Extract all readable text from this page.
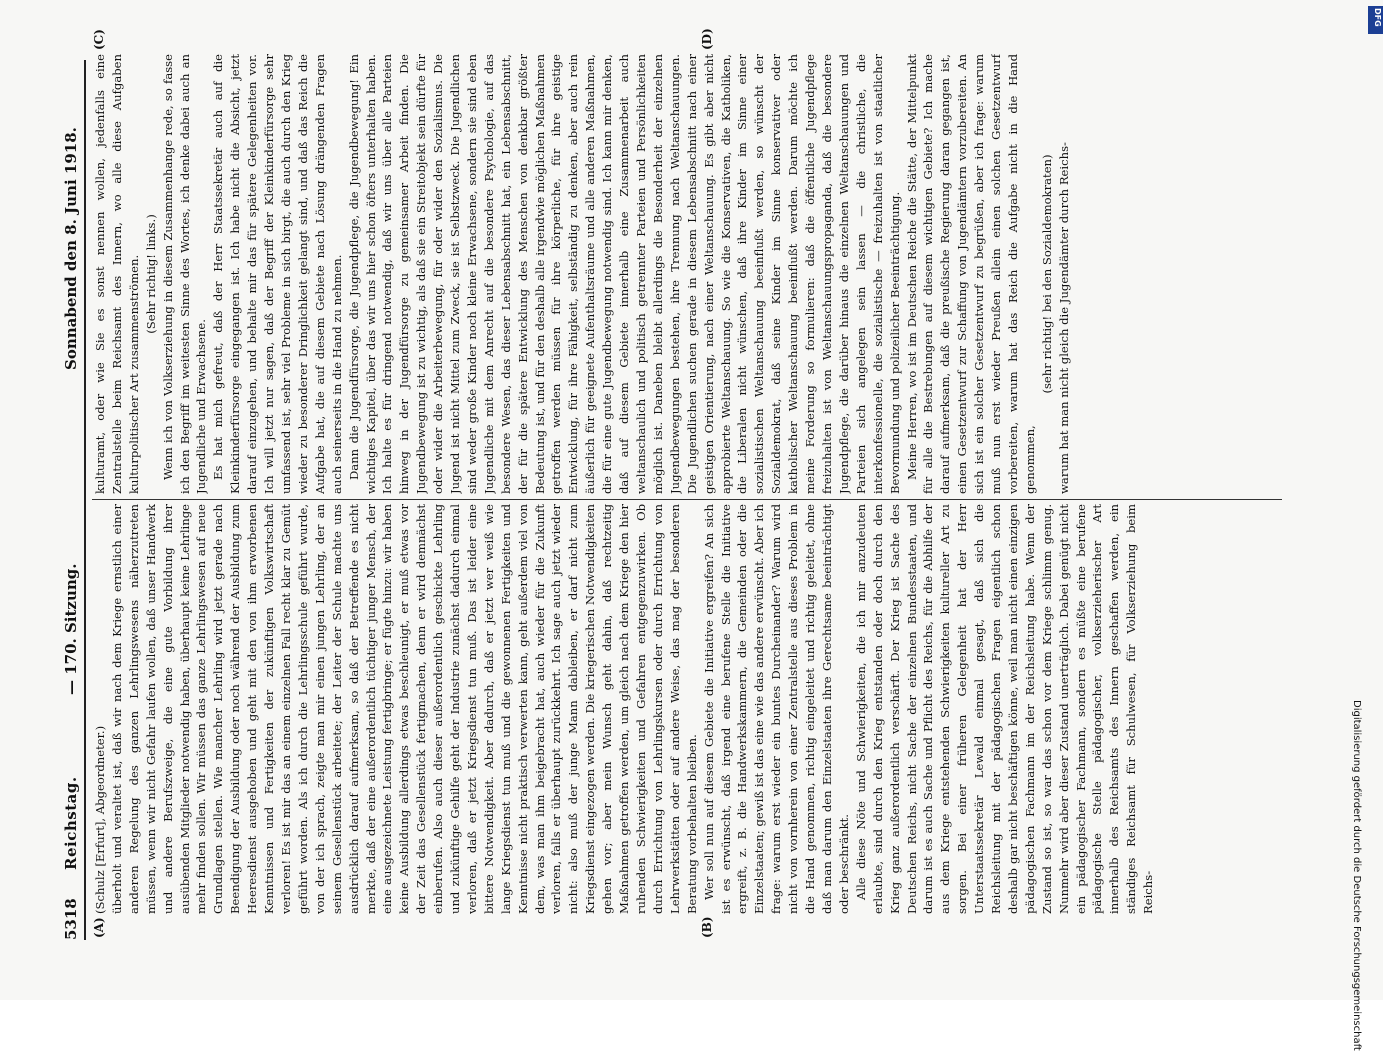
5318
Reichstag.
— 170. Sitzung.
Sonnabend den 8. Juni 1918.
(A)	(B)
(C)	(D)

(Schulz [Erfurt], Abgeordneter.) überholt und veraltet ist, daß wir nach dem Kriege ernstlich einer anderen Regelung des ganzen Lehrlingswesens näherzutreten müssen, wenn wir nicht Gefahr laufen wollen, daß unser Handwerk und andere Berufszweige, die eine gute Vorbildung ihrer ausübenden Mitglieder notwendig haben, überhaupt keine Lehrlinge mehr finden sollen. Wir müssen das ganze Lehrlingswesen auf neue Grundlagen stellen. Wie mancher Lehrling wird jetzt gerade nach Beendigung der Ausbildung oder noch während der Ausbildung zum Heeresdienst ausgehoben und geht mit den von ihm erworbenen Kenntnissen und Fertigkeiten der zukünftigen Volkswirtschaft verloren! Es ist mir das an einem einzelnen Fall recht klar zu Gemüt geführt worden. Als ich durch die Lehrlingsschule geführt wurde, von der ich sprach, zeigte man mir einen jungen Lehrling, der an seinem Gesellenstück arbeitete; der Leiter der Schule machte uns ausdrücklich darauf aufmerksam, so daß der Betreffende es nicht merkte, daß der eine außerordentlich tüchtiger junger Mensch, der eine ausgezeichnete Leistung fertigbringe; er fügte hinzu: wir haben keine Ausbildung allerdings etwas beschleunigt, er muß etwas vor der Zeit das Gesellenstück fertigmachen, denn er wird demnächst einberufen. Also auch dieser außerordentlich geschickte Lehrling und zukünftige Gehilfe geht der Industrie zunächst dadurch einmal verloren, daß er jetzt Kriegsdienst tun muß. Das ist leider eine bittere Notwendigkeit. Aber dadurch, daß er jetzt wer weiß wie lange Kriegsdienst tun muß und die gewonnenen Fertigkeiten und Kenntnisse nicht praktisch verwerten kann, geht außerdem viel von dem, was man ihm beigebracht hat, auch wieder für die Zukunft verloren, falls er überhaupt zurückkehrt. Ich sage auch jetzt wieder nicht: also muß der junge Mann dableiben, er darf nicht zum Kriegsdienst eingezogen werden. Die kriegerischen Notwendigkeiten gehen vor; aber mein Wunsch geht dahin, daß rechtzeitig Maßnahmen getroffen werden, um gleich nach dem Kriege den hier ruhenden Schwierigkeiten und Gefahren entgegenzuwirken. Ob durch Errichtung von Lehrlingskursen oder durch Errichtung von Lehrwerkstätten oder auf andere Weise, das mag der besonderen Beratung vorbehalten bleiben. Wer soll nun auf diesem Gebiete die Initiative ergreifen? An sich ist es erwünscht, daß irgend eine berufene Stelle die Initiative ergreift, z. B. die Handwerkskammern, die Gemeinden oder die Einzelstaaten; gewiß ist das eine wie das andere erwünscht. Aber ich frage: warum erst wieder ein buntes Durcheinander? Warum wird nicht von vornherein von einer Zentralstelle aus dieses Problem in die Hand genommen, richtig eingeleitet und richtig geleitet, ohne daß man darum den Einzelstaaten ihre Gerechtsame beeinträchtigt oder beschränkt. Alle diese Nöte und Schwierigkeiten, die ich mir anzudeuten erlaubte, sind durch den Krieg entstanden oder doch durch den Krieg ganz außerordentlich verschärft. Der Krieg ist Sache des Deutschen Reichs, nicht Sache der einzelnen Bundesstaaten, und darum ist es auch Sache und Pflicht des Reichs, für die Abhilfe der aus dem Kriege entstehenden Schwierigkeiten kultureller Art zu sorgen. Bei einer früheren Gelegenheit hat der Herr Unterstaatssekretär Lewald einmal gesagt, daß sich die Reichsleitung mit der pädagogischen Fragen eigentlich schon deshalb gar nicht beschäftigen könne, weil man nicht einen einzigen pädagogischen Fachmann im der Reichsleitung habe. Wenn der Zustand so ist, so war das schon vor dem Kriege schlimm genug. Nunmehr wird aber dieser Zustand unerträglich. Dabei genügt nicht ein pädagogischer Fachmann, sondern es müßte eine berufene pädagogische Stelle pädagogischer, volkserzieherischer Art innerhalb des Reichsamts des Innern geschaffen werden, ein ständiges Reichsamt für Schulwesen, für Volkserziehung beim Reichs-

kulturamt, oder wie Sie es sonst nennen wollen, jedenfalls eine Zentralstelle beim Reichsamt des Innern, wo alle diese Aufgaben kulturpolitischer Art zusammenströmen. (Sehr richtig! links.) Wenn ich von Volkserziehung in diesem Zusammenhange rede, so fasse ich den Begriff im weitesten Sinne des Wortes, ich denke dabei auch an Jugendliche und Erwachsene. Es hat mich gefreut, daß der Herr Staatssekretär auch auf die Kleinkinderfürsorge eingegangen ist. Ich habe nicht die Absicht, jetzt darauf einzugehen, und behalte mir das für spätere Gelegenheiten vor. Ich will jetzt nur sagen, daß der Begriff der Kleinkinderfürsorge sehr umfassend ist, sehr viel Probleme in sich birgt, die auch durch den Krieg wieder zu besonderer Dringlichkeit gelangt sind, und daß das Reich die Aufgabe hat, die auf diesem Gebiete nach Lösung drängenden Fragen auch seinerseits in die Hand zu nehmen. Dann die Jugendfürsorge, die Jugendpflege, die Jugendbewegung! Ein wichtiges Kapitel, über das wir uns hier schon öfters unterhalten haben. Ich halte es für dringend notwendig, daß wir uns über alle Parteien hinweg in der Jugendfürsorge zu gemeinsamer Arbeit finden. Die Jugendbewegung ist zu wichtig, als daß sie ein Streitobjekt sein dürfte für oder wider die Arbeiterbewegung, für oder wider den Sozialismus. Die Jugend ist nicht Mittel zum Zweck, sie ist Selbstzweck. Die Jugendlichen sind weder große Kinder noch kleine Erwachsene, sondern sie sind eben Jugendliche mit dem Anrecht auf die besondere Psychologie, auf das besondere Wesen, das dieser Lebensabschnitt hat, ein Lebensabschnitt, der für die spätere Entwicklung des Menschen von denkbar größter Bedeutung ist, und für den deshalb alle irgendwie möglichen Maßnahmen getroffen werden müssen für ihre körperliche, für ihre geistige Entwicklung, für ihre Fähigkeit, selbständig zu denken, aber auch rein äußerlich für geeignete Aufenthaltsräume und alle anderen Maßnahmen, die für eine gute Jugendbewegung notwendig sind. Ich kann mir denken, daß auf diesem Gebiete innerhalb eine Zusammenarbeit auch weltanschaulich und politisch getrennter Parteien und Persönlichkeiten möglich ist. Daneben bleibt allerdings die Besonderheit der einzelnen Jugendbewegungen bestehen, ihre Trennung nach Weltanschauungen. Die Jugendlichen suchen gerade in diesem Lebensabschnitt nach einer geistigen Orientierung, nach einer Weltanschauung. Es gibt aber nicht approbierte Weltanschauung. So wie die Konservativen, die Katholiken, die Liberalen nicht wünschen, daß ihre Kinder im Sinne einer sozialistischen Weltanschauung beeinflußt werden, so wünscht der Sozialdemokrat, daß seine Kinder im Sinne konservativer oder katholischer Weltanschauung beeinflußt werden. Darum möchte ich meine Forderung so formulieren: daß die öffentliche Jugendpflege freizuhalten ist von Weltanschauungspropaganda, daß die besondere Jugendpflege, die darüber hinaus die einzelnen Weltanschauungen und Parteien sich angelegen sein lassen — die christliche, die interkonfessionelle, die sozialistische — freizuhalten ist von staatlicher Bevormundung und polizeilicher Beeinträchtigung. Meine Herren, wo ist im Deutschen Reiche die Stätte, der Mittelpunkt für alle die Bestrebungen auf diesem wichtigen Gebiete? Ich mache darauf aufmerksam, daß die preußische Regierung daran gegangen ist, einen Gesetzentwurf zur Schaffung von Jugendämtern vorzubereiten. An sich ist ein solcher Gesetzentwurf zu begrüßen, aber ich frage: warum muß nun erst wieder Preußen allein einen solchen Gesetzentwurf vorbereiten, warum hat das Reich die Aufgabe nicht in die Hand genommen,

(sehr richtig! bei den Sozialdemokraten) warum hat man nicht gleich die Jugendämter durch Reichs-

DFG
Digitalisierung gefördert durch die Deutsche Forschungsgemeinschaft
